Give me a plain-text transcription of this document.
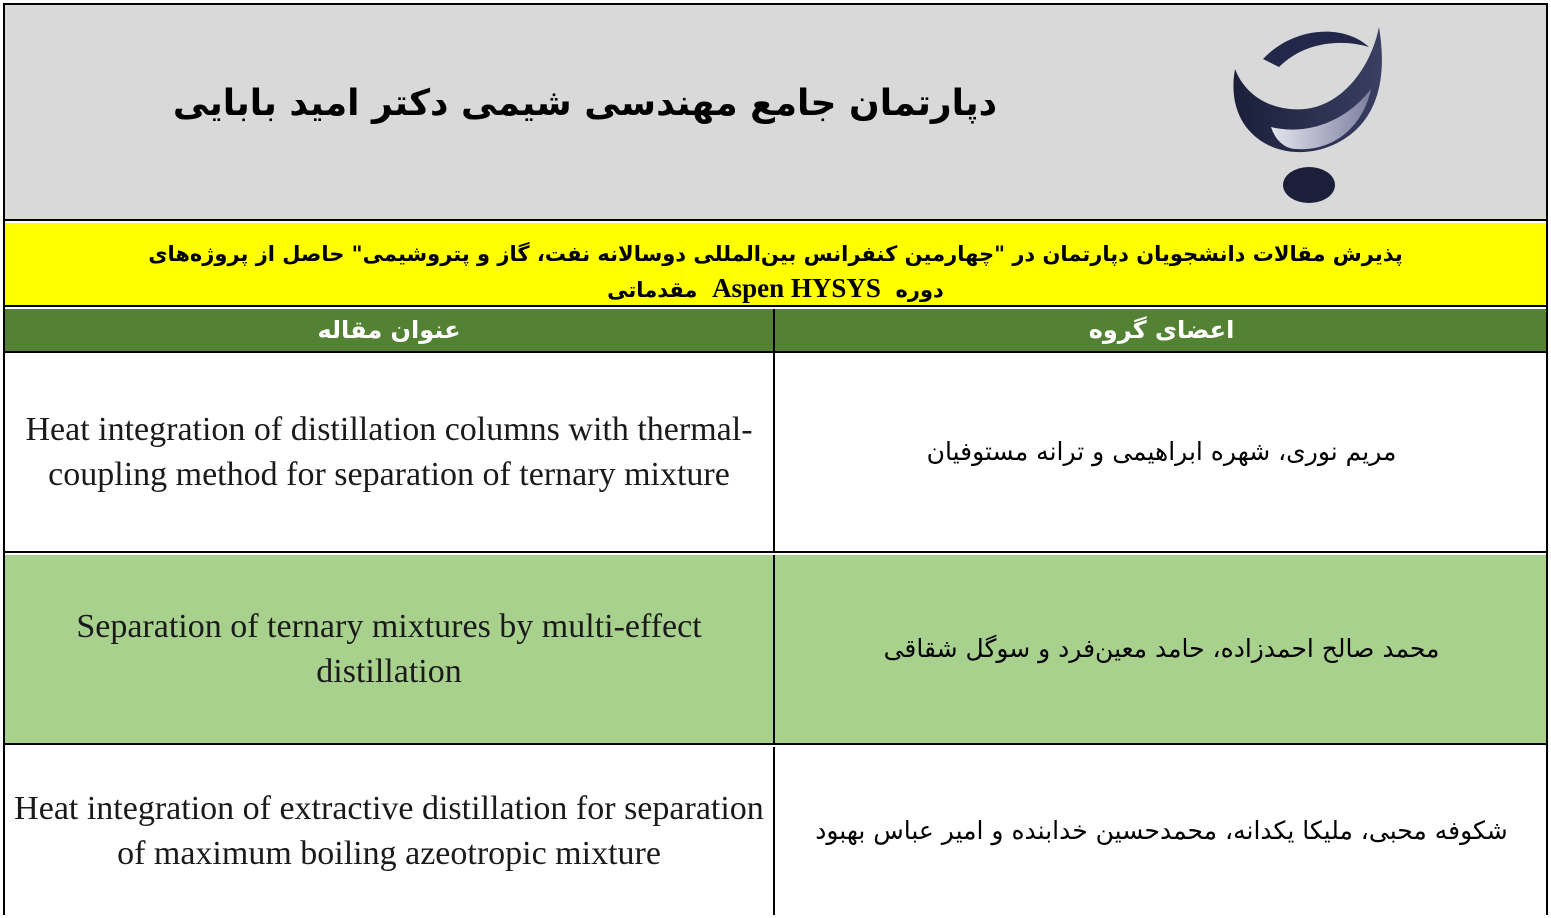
دپارتمان جامع مهندسی شیمی دکتر امید بابایی
پذیرش مقالات دانشجویان دپارتمان در "چهارمین کنفرانس بین‌المللی دوسالانه نفت، گاز و پتروشیمی" حاصل از پروژه‌های
دوره  Aspen HYSYS  مقدماتی
عنوان مقاله	اعضای گروه
Heat integration of distillation columns with thermal-coupling method for separation of ternary mixture
مریم نوری، شهره ابراهیمی و ترانه مستوفیان
Separation of ternary mixtures by multi-effect distillation
محمد صالح احمدزاده، حامد معین‌فرد و سوگل شقاقی
Heat integration of extractive distillation for separation of maximum boiling azeotropic mixture
شکوفه محبی، ملیکا یکدانه، محمدحسین خدابنده و امیر عباس بهبود
